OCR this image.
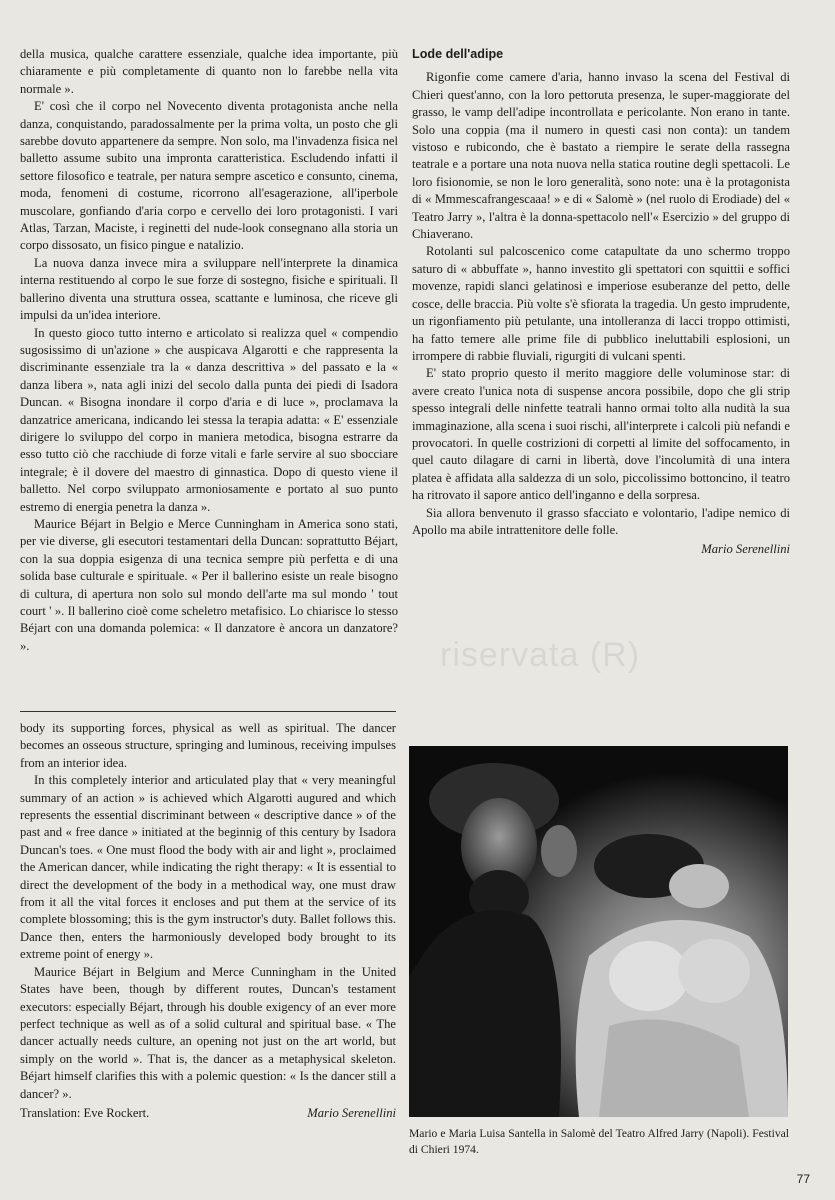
della musica, qualche carattere essenziale, qualche idea importante, più chiaramente e più completamente di quanto non lo farebbe nella vita normale ».

E' così che il corpo nel Novecento diventa protagonista anche nella danza, conquistando, paradossalmente per la prima volta, un posto che gli sarebbe dovuto appartenere da sempre. Non solo, ma l'invadenza fisica nel balletto assume subito una impronta caratteristica. Escludendo infatti il settore filosofico e teatrale, per natura sempre ascetico e consunto, cinema, moda, fenomeni di costume, ricorrono all'esagerazione, all'iperbole muscolare, gonfiando d'aria corpo e cervello dei loro protagonisti. I vari Atlas, Tarzan, Maciste, i reginetti del nude-look consegnano alla storia un corpo dissosato, un fisico pingue e natalizio.

La nuova danza invece mira a sviluppare nell'interprete la dinamica interna restituendo al corpo le sue forze di sostegno, fisiche e spirituali. Il ballerino diventa una struttura ossea, scattante e luminosa, che riceve gli impulsi da un'idea interiore.

In questo gioco tutto interno e articolato si realizza quel « compendio sugosissimo di un'azione » che auspicava Algarotti e che rappresenta la discriminante essenziale tra la « danza descrittiva » del passato e la « danza libera », nata agli inizi del secolo dalla punta dei piedi di Isadora Duncan. « Bisogna inondare il corpo d'aria e di luce », proclamava la danzatrice americana, indicando lei stessa la terapia adatta: « E' essenziale dirigere lo sviluppo del corpo in maniera metodica, bisogna estrarre da esso tutto ciò che racchiude di forze vitali e farle servire al suo sbocciare integrale; è il dovere del maestro di ginnastica. Dopo di questo viene il balletto. Nel corpo sviluppato armoniosamente e portato al suo punto estremo di energia penetra la danza ».

Maurice Béjart in Belgio e Merce Cunningham in America sono stati, per vie diverse, gli esecutori testamentari della Duncan: soprattutto Béjart, con la sua doppia esigenza di una tecnica sempre più perfetta e di una solida base culturale e spirituale. « Per il ballerino esiste un reale bisogno di cultura, di apertura non solo sul mondo dell'arte ma sul mondo ' tout court ' ». Il ballerino cioè come scheletro metafisico. Lo chiarisce lo stesso Béjart con una domanda polemica: « Il danzatore è ancora un danzatore? ».

body its supporting forces, physical as well as spiritual. The dancer becomes an osseous structure, springing and luminous, receiving impulses from an interior idea.

In this completely interior and articulated play that « very meaningful summary of an action » is achieved which Algarotti augured and which represents the essential discriminant between « descriptive dance » of the past and « free dance » initiated at the beginnig of this century by Isadora Duncan's toes. « One must flood the body with air and light », proclaimed the American dancer, while indicating the right therapy: « It is essential to direct the development of the body in a methodical way, one must draw from it all the vital forces it encloses and put them at the service of its complete blossoming; this is the gym instructor's duty. Ballet follows this. Dance then, enters the harmoniously developed body brought to its extreme point of energy ».

Maurice Béjart in Belgium and Merce Cunningham in the United States have been, though by different routes, Duncan's testament executors: especially Béjart, through his double exigency of an ever more perfect technique as well as of a solid cultural and spiritual base. « The dancer actually needs culture, an opening not just on the art world, but simply on the world ». That is, the dancer as a metaphysical skeleton. Béjart himself clarifies this with a polemic question: « Is the dancer still a dancer? ».

Translation: Eve Rockert.	Mario Serenellini
Lode dell'adipe

Rigonfie come camere d'aria, hanno invaso la scena del Festival di Chieri quest'anno, con la loro pettoruta presenza, le super-maggiorate del grasso, le vamp dell'adipe incontrollata e pericolante. Non erano in tante. Solo una coppia (ma il numero in questi casi non conta): un tandem vistoso e rubicondo, che è bastato a riempire le serate della rassegna teatrale e a portare una nota nuova nella statica routine degli spettacoli. Le loro fisionomie, se non le loro generalità, sono note: una è la protagonista di « Mmmescafrangescaaa! » e di « Salomè » (nel ruolo di Erodiade) del « Teatro Jarry », l'altra è la donna-spettacolo nell'« Esercizio » del gruppo di Chiaverano.

Rotolanti sul palcoscenico come catapultate da uno schermo troppo saturo di « abbuffate », hanno investito gli spettatori con squittii e soffici movenze, rapidi slanci gelatinosi e imperiose esuberanze del petto, delle cosce, delle braccia. Più volte s'è sfiorata la tragedia. Un gesto imprudente, un rigonfiamento più petulante, una intolleranza di lacci troppo ottimisti, ha fatto temere alle prime file di pubblico ineluttabili esplosioni, un irrompere di rabbie fluviali, rigurgiti di vulcani spenti.

E' stato proprio questo il merito maggiore delle voluminose star: di avere creato l'unica nota di suspense ancora possibile, dopo che gli strip spesso integrali delle ninfette teatrali hanno ormai tolto alla nudità la sua immaginazione, alla scena i suoi rischi, all'interprete i calcoli più nefandi e provocatori. In quelle costrizioni di corpetti al limite del soffocamento, in quel cauto dilagare di carni in libertà, dove l'incolumità di una intera platea è affidata alla saldezza di un solo, piccolissimo bottoncino, il teatro ha ritrovato il sapore antico dell'inganno e della sorpresa.

Sia allora benvenuto il grasso sfacciato e volontario, l'adipe nemico di Apollo ma abile intrattenitore delle folle.

Mario Serenellini
riservata (R)
Mario e Maria Luisa Santella in Salomè del Teatro Alfred Jarry (Napoli). Festival di Chieri 1974.
77
